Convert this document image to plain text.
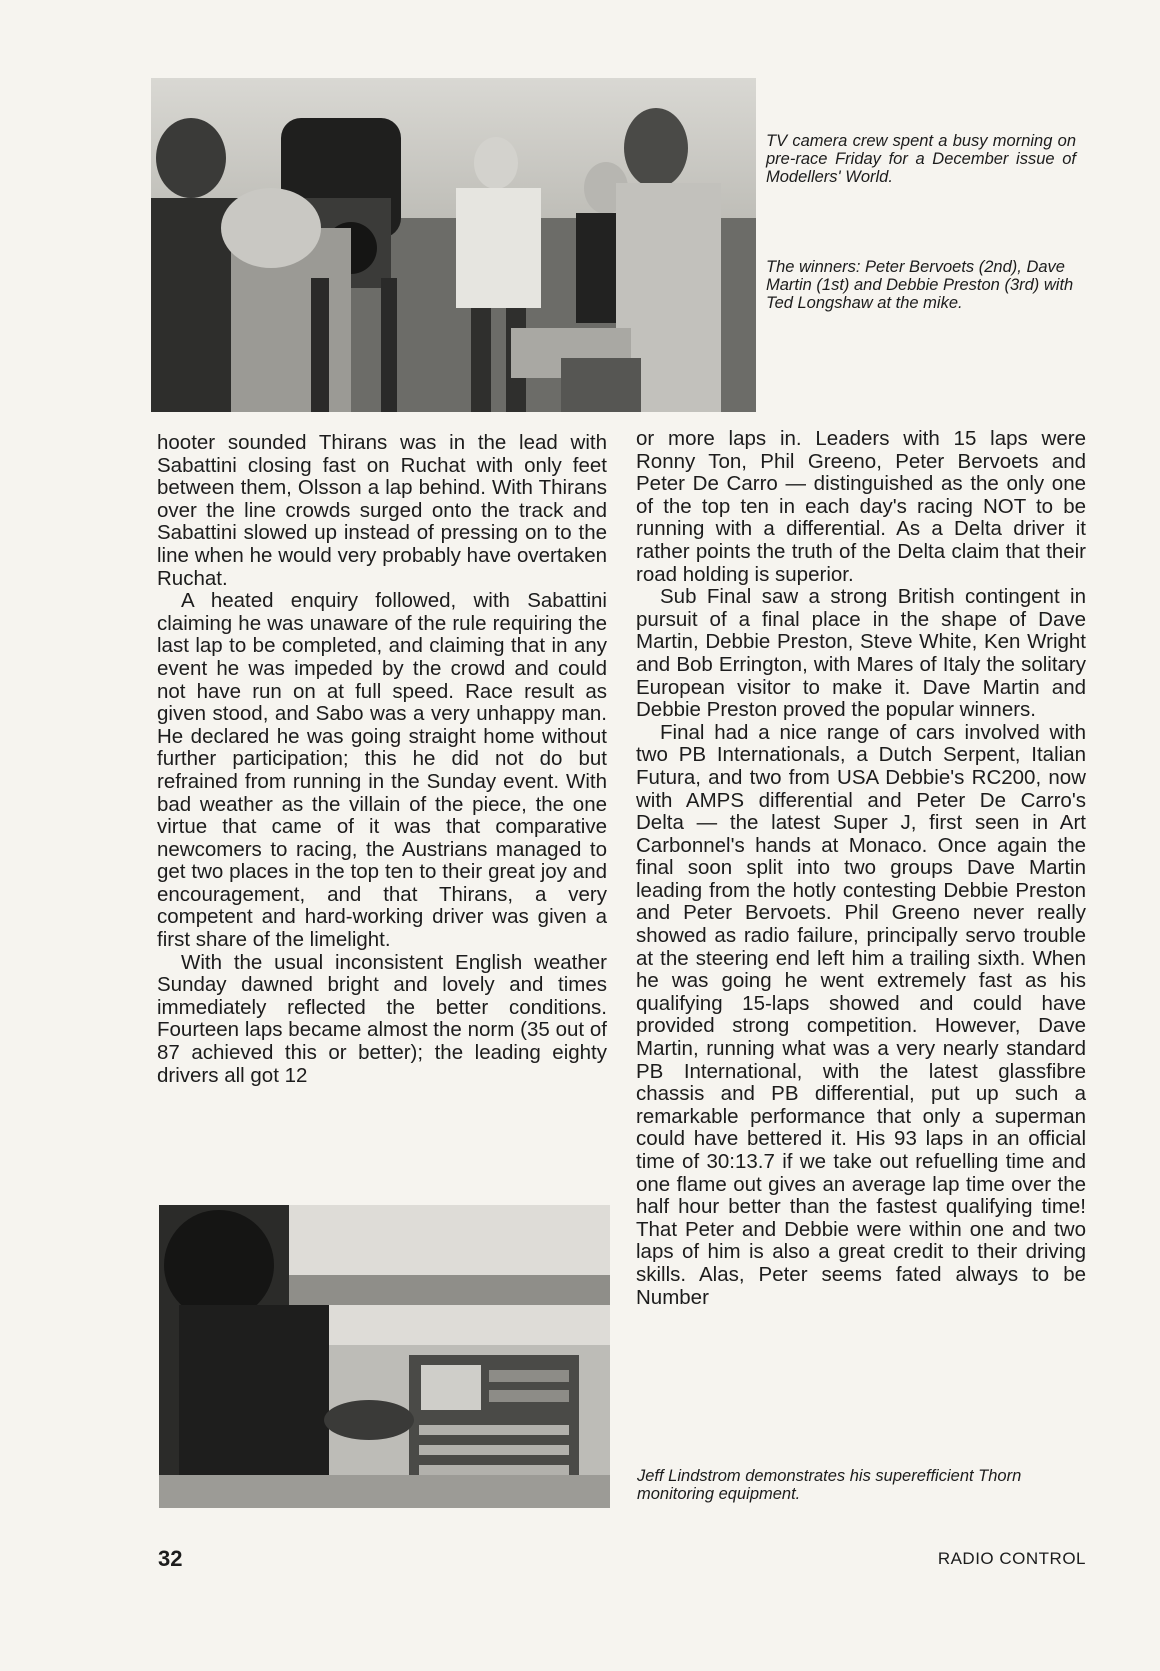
TV camera crew spent a busy morning on pre-race Friday for a December issue of Modellers' World.

The winners: Peter Bervoets (2nd), Dave Martin (1st) and Debbie Preston (3rd) with Ted Longshaw at the mike.

hooter sounded Thirans was in the lead with Sabattini closing fast on Ruchat with only feet between them, Olsson a lap behind. With Thirans over the line crowds surged onto the track and Sabattini slowed up instead of pressing on to the line when he would very probably have overtaken Ruchat.

A heated enquiry followed, with Sabattini claiming he was unaware of the rule requiring the last lap to be completed, and claiming that in any event he was impeded by the crowd and could not have run on at full speed. Race result as given stood, and Sabo was a very unhappy man. He declared he was going straight home without further participation; this he did not do but refrained from running in the Sunday event. With bad weather as the villain of the piece, the one virtue that came of it was that comparative newcomers to racing, the Austrians managed to get two places in the top ten to their great joy and encouragement, and that Thirans, a very competent and hard-working driver was given a first share of the limelight.

With the usual inconsistent English weather Sunday dawned bright and lovely and times immediately reflected the better conditions. Fourteen laps became almost the norm (35 out of 87 achieved this or better); the leading eighty drivers all got 12

or more laps in. Leaders with 15 laps were Ronny Ton, Phil Greeno, Peter Bervoets and Peter De Carro — distinguished as the only one of the top ten in each day's racing NOT to be running with a differential. As a Delta driver it rather points the truth of the Delta claim that their road holding is superior.

Sub Final saw a strong British contingent in pursuit of a final place in the shape of Dave Martin, Debbie Preston, Steve White, Ken Wright and Bob Errington, with Mares of Italy the solitary European visitor to make it. Dave Martin and Debbie Preston proved the popular winners.

Final had a nice range of cars involved with two PB Internationals, a Dutch Serpent, Italian Futura, and two from USA Debbie's RC200, now with AMPS differential and Peter De Carro's Delta — the latest Super J, first seen in Art Carbonnel's hands at Monaco. Once again the final soon split into two groups Dave Martin leading from the hotly contesting Debbie Preston and Peter Bervoets. Phil Greeno never really showed as radio failure, principally servo trouble at the steering end left him a trailing sixth. When he was going he went extremely fast as his qualifying 15-laps showed and could have provided strong competition. However, Dave Martin, running what was a very nearly standard PB International, with the latest glassfibre chassis and PB differential, put up such a remarkable performance that only a superman could have bettered it. His 93 laps in an official time of 30:13.7 if we take out refuelling time and one flame out gives an average lap time over the half hour better than the fastest qualifying time! That Peter and Debbie were within one and two laps of him is also a great credit to their driving skills. Alas, Peter seems fated always to be Number

Jeff Lindstrom demonstrates his superefficient Thorn monitoring equipment.

32	RADIO CONTROL
